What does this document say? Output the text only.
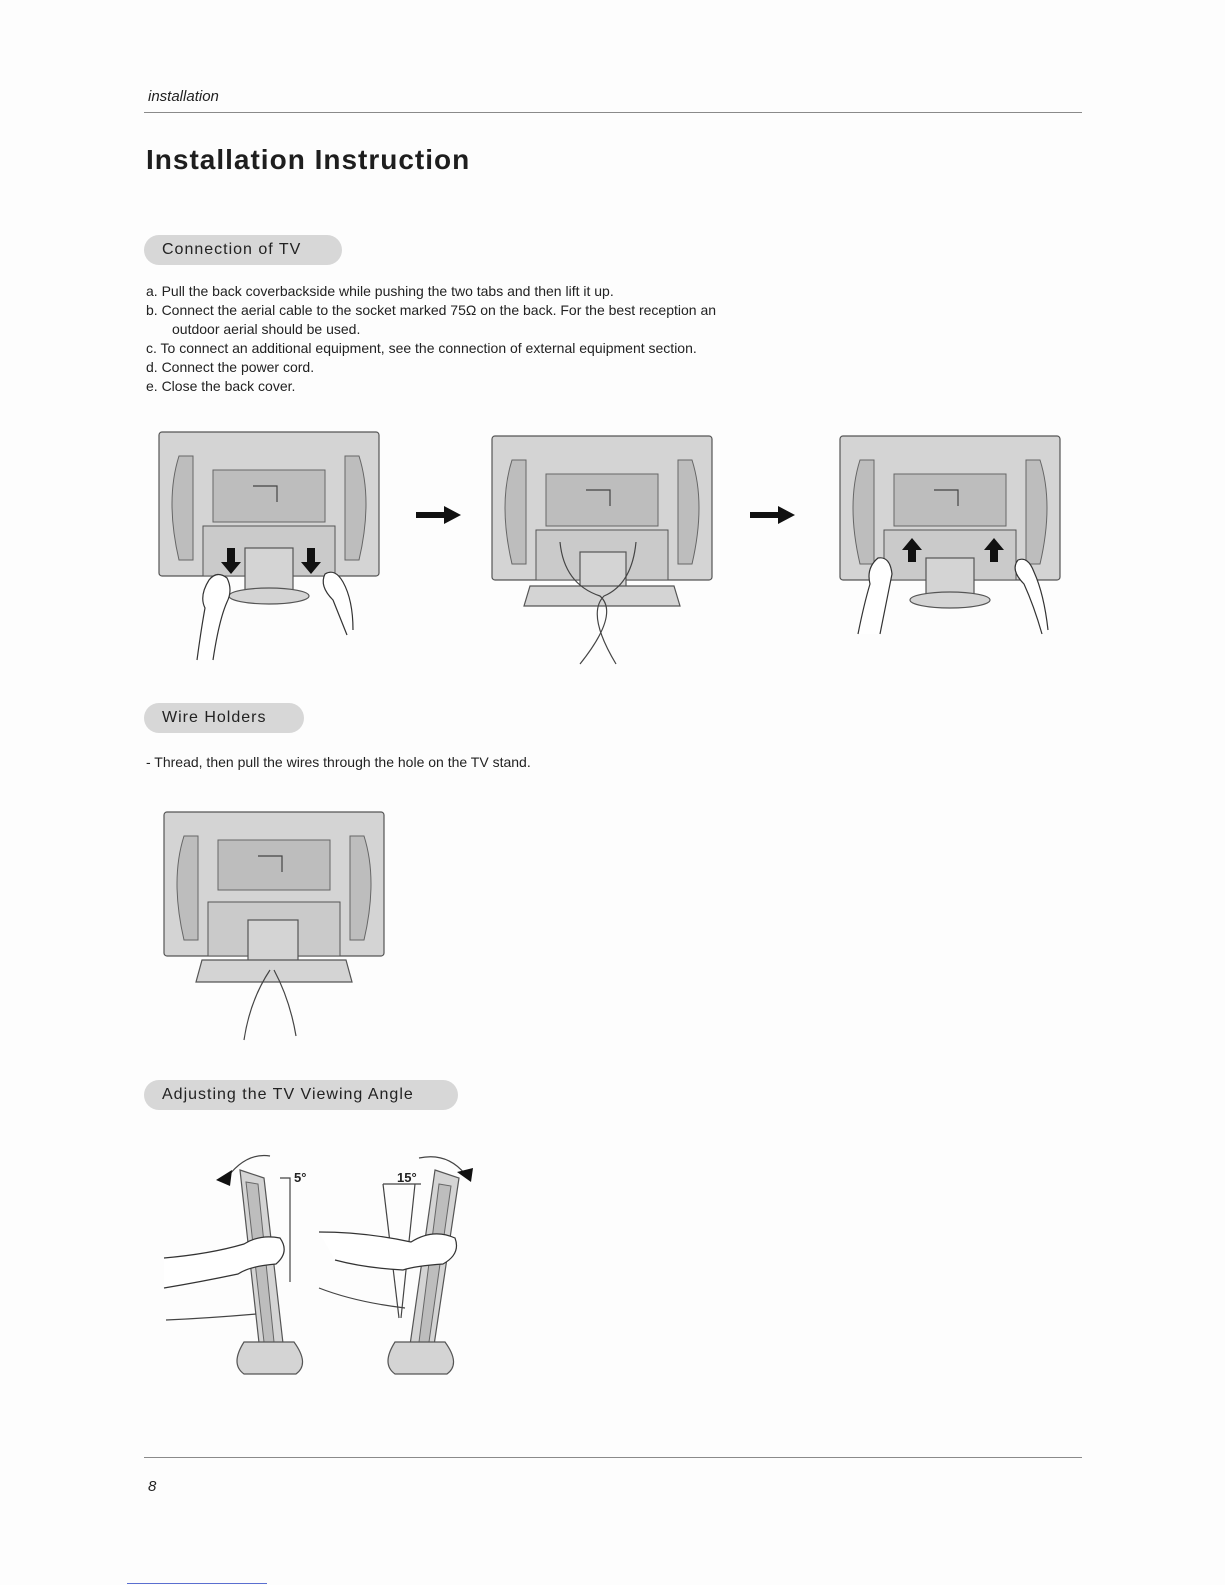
installation
Installation Instruction
Connection of TV
a. Pull the back coverbackside while pushing the two tabs and then lift it up.
b. Connect the aerial cable to the socket marked 75Ω on the back. For the best reception an
outdoor aerial should be used.
c. To connect an additional equipment, see the connection of external equipment section.
d. Connect the power cord.
e. Close the back cover.
Wire Holders
- Thread, then pull the wires through the hole on the TV stand.
Adjusting the TV Viewing Angle
5°	15°
8
